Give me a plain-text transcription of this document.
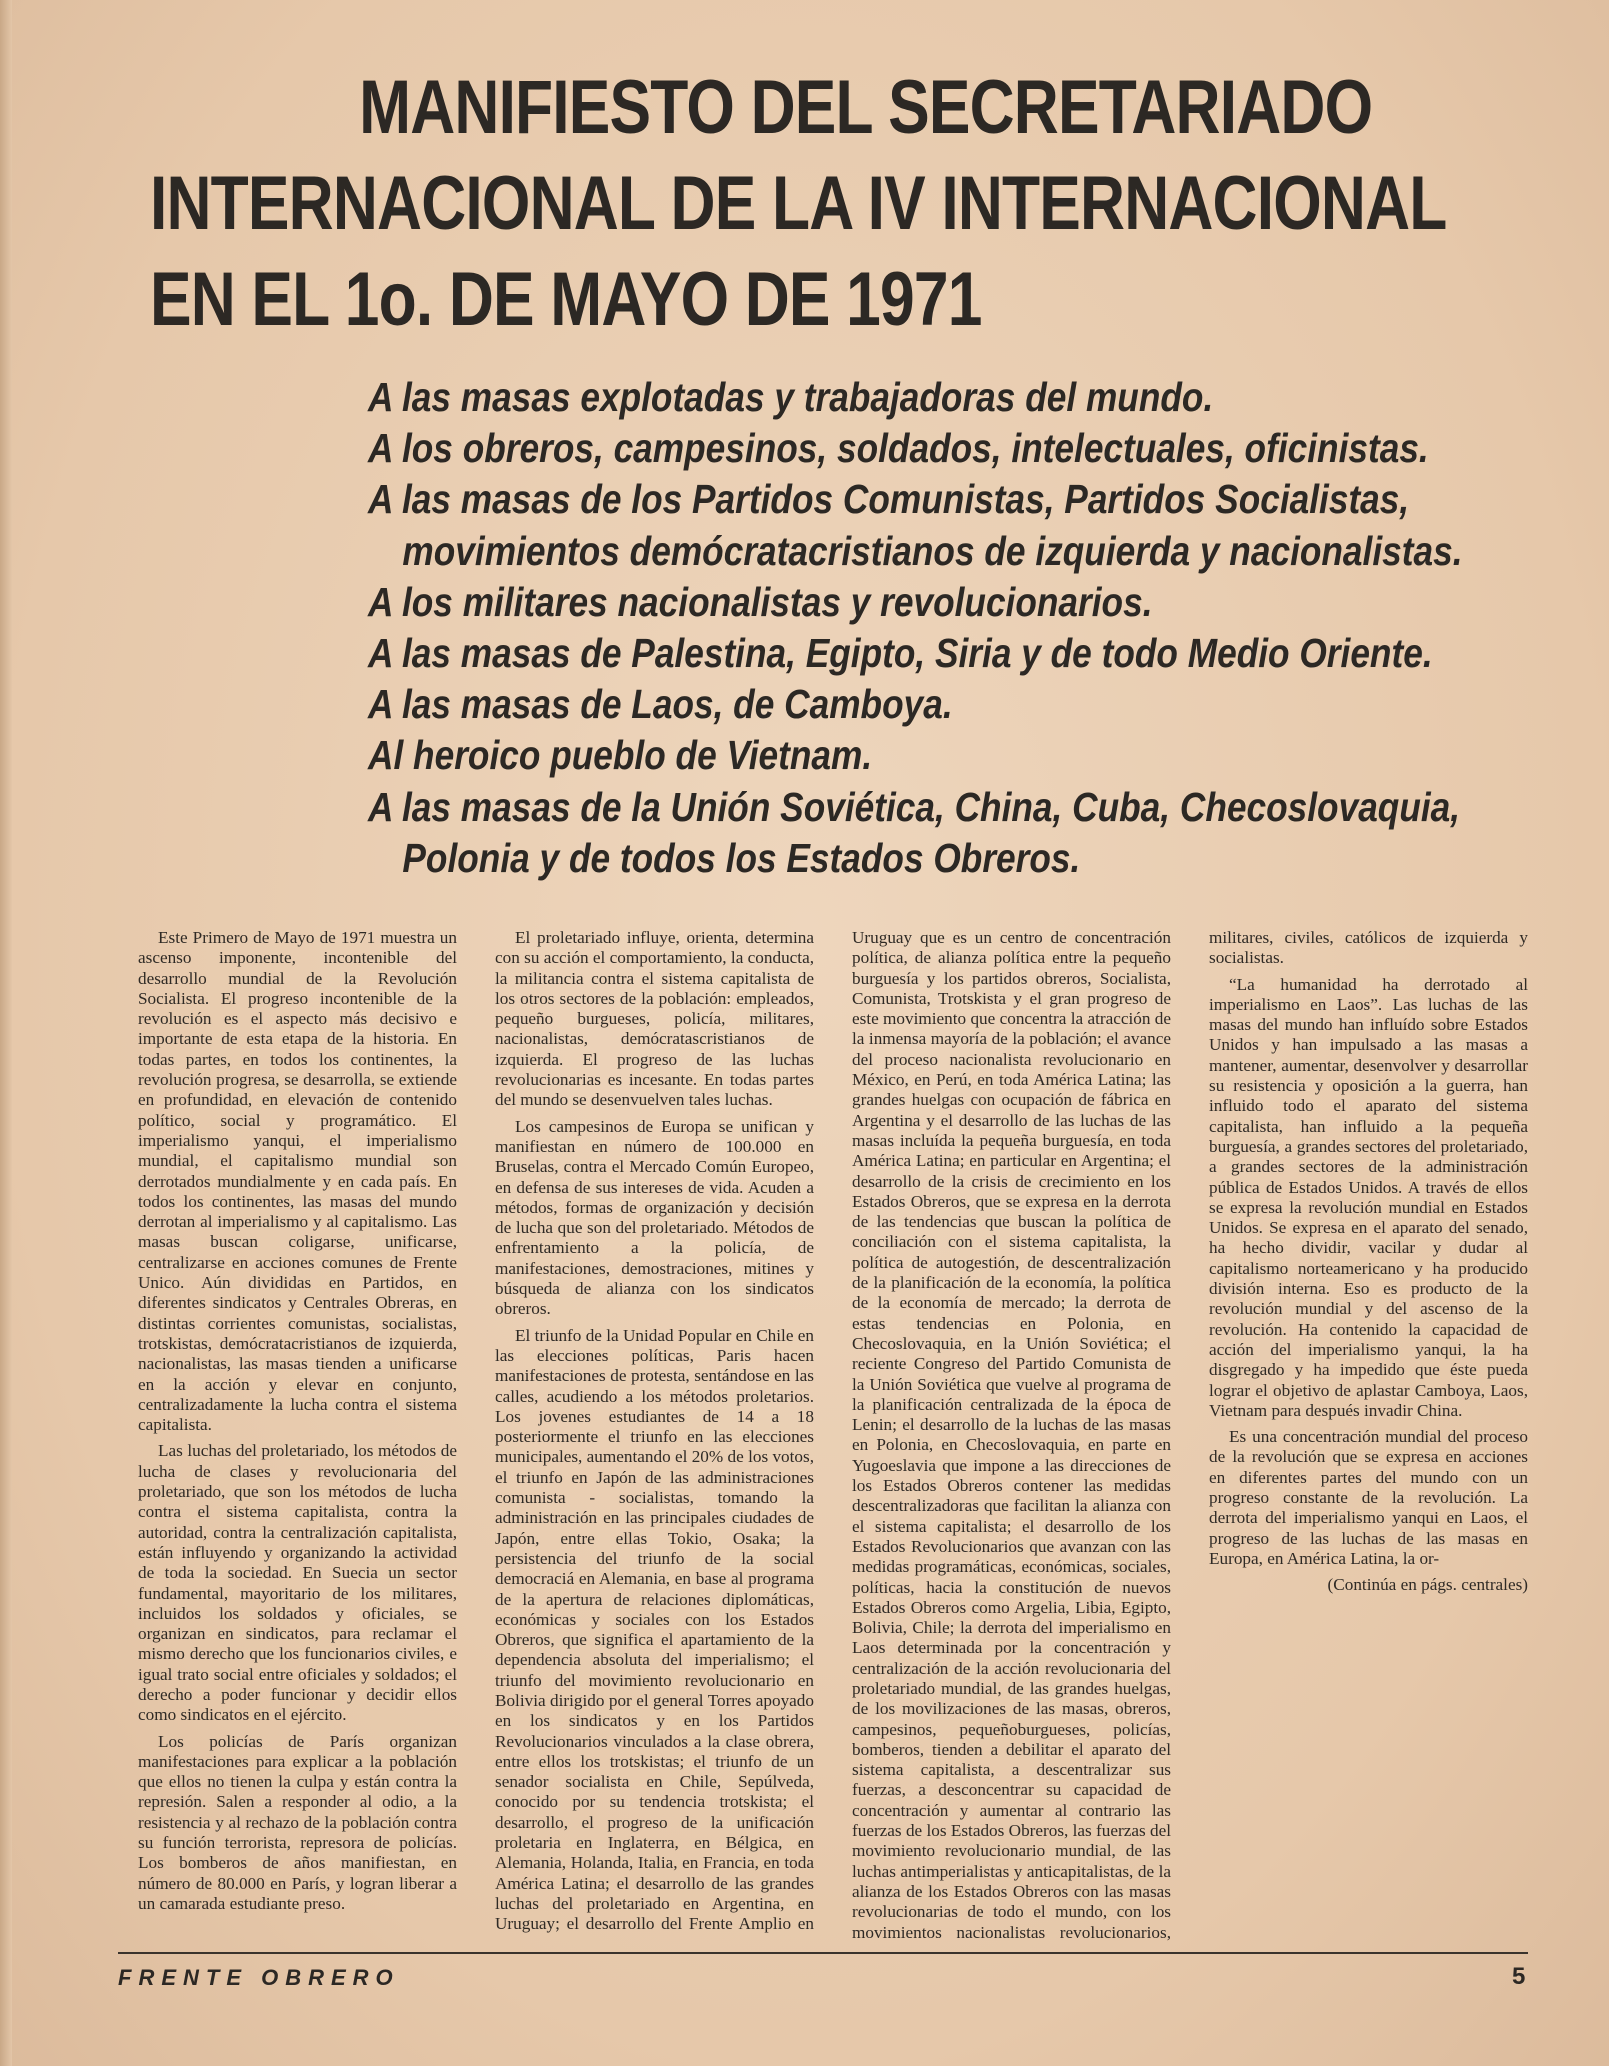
MANIFIESTO DEL SECRETARIADO
INTERNACIONAL DE LA IV INTERNACIONAL
EN EL 1o. DE MAYO DE 1971
A las masas explotadas y trabajadoras del mundo.
A los obreros, campesinos, soldados, intelectuales, oficinistas.
A las masas de los Partidos Comunistas, Partidos Socialistas,
movimientos demócratacristianos de izquierda y nacionalistas.
A los militares nacionalistas y revolucionarios.
A las masas de Palestina, Egipto, Siria y de todo Medio Oriente.
A las masas de Laos, de Camboya.
Al heroico pueblo de Vietnam.
A las masas de la Unión Soviética, China, Cuba, Checoslovaquia,
Polonia y de todos los Estados Obreros.

Este Primero de Mayo de 1971 muestra un ascenso imponente, incontenible del desarrollo mundial de la Revolución Socialista. El progreso incontenible de la revolución es el aspecto más decisivo e importante de esta etapa de la historia. En todas partes, en todos los continentes, la revolución progresa, se desarrolla, se extiende en profundidad, en elevación de contenido político, social y programático. El imperialismo yanqui, el imperialismo mundial, el capitalismo mundial son derrotados mundialmente y en cada país. En todos los continentes, las masas del mundo derrotan al imperialismo y al capitalismo. Las masas buscan coligarse, unificarse, centralizarse en acciones comunes de Frente Unico. Aún divididas en Partidos, en diferentes sindicatos y Centrales Obreras, en distintas corrientes comunistas, socialistas, trotskistas, demócratacristianos de izquierda, nacionalistas, las masas tienden a unificarse en la acción y elevar en conjunto, centralizadamente la lucha contra el sistema capitalista.

Las luchas del proletariado, los métodos de lucha de clases y revolucionaria del proletariado, que son los métodos de lucha contra el sistema capitalista, contra la autoridad, contra la centralización capitalista, están influyendo y organizando la actividad de toda la sociedad. En Suecia un sector fundamental, mayoritario de los militares, incluidos los soldados y oficiales, se organizan en sindicatos, para reclamar el mismo derecho que los funcionarios civiles, e igual trato social entre oficiales y soldados; el derecho a poder funcionar y decidir ellos como sindicatos en el ejército.

Los policías de París organizan manifestaciones para explicar a la población que ellos no tienen la culpa y están contra la represión. Salen a responder al odio, a la resistencia y al rechazo de la población contra su función terrorista, represora de policías. Los bomberos de años manifiestan, en número de 80.000 en París, y logran liberar a un camarada estudiante preso.

El proletariado influye, orienta, determina con su acción el comportamiento, la conducta, la militancia contra el sistema capitalista de los otros sectores de la población: empleados, pequeño burgueses, policía, militares, nacionalistas, demócratascristianos de izquierda. El progreso de las luchas revolucionarias es incesante. En todas partes del mundo se desenvuelven tales luchas.

Los campesinos de Europa se unifican y manifiestan en número de 100.000 en Bruselas, contra el Mercado Común Europeo, en defensa de sus intereses de vida. Acuden a métodos, formas de organización y decisión de lucha que son del proletariado. Métodos de enfrentamiento a la policía, de manifestaciones, demostraciones, mitines y búsqueda de alianza con los sindicatos obreros.

El triunfo de la Unidad Popular en Chile en las elecciones políticas, Paris hacen manifestaciones de protesta, sentándose en las calles, acudiendo a los métodos proletarios. Los jovenes estudiantes de 14 a 18 posteriormente el triunfo en las elecciones municipales, aumentando el 20% de los votos, el triunfo en Japón de las administraciones comunista - socialistas, tomando la administración en las principales ciudades de Japón, entre ellas Tokio, Osaka; la persistencia del triunfo de la social democraciá en Alemania, en base al programa de la apertura de relaciones diplomáticas, económicas y sociales con los Estados Obreros, que significa el apartamiento de la dependencia absoluta del imperialismo; el triunfo del movimiento revolucionario en Bolivia dirigido por el general Torres apoyado en los sindicatos y en los Partidos Revolucionarios vinculados a la clase obrera, entre ellos los trotskistas; el triunfo de un senador socialista en Chile, Sepúlveda, conocido por su tendencia trotskista; el desarrollo, el progreso de la unificación proletaria en Inglaterra, en Bélgica, en Alemania, Holanda, Italia, en Francia, en toda América Latina; el desarrollo de las grandes luchas del proletariado en Argentina, en Uruguay; el desarrollo del Frente Amplio en Uruguay que es un centro de concentración política, de alianza política entre la pequeño burguesía y los partidos obreros, Socialista, Comunista, Trotskista y el gran progreso de este movimiento que concentra la atracción de la inmensa mayoría de la población; el avance del proceso nacionalista revolucionario en México, en Perú, en toda América Latina; las grandes huelgas con ocupación de fábrica en Argentina y el desarrollo de las luchas de las masas incluída la pequeña burguesía, en toda América Latina; en particular en Argentina; el desarrollo de la crisis de crecimiento en los Estados Obreros, que se expresa en la derrota de las tendencias que buscan la política de conciliación con el sistema capitalista, la política de autogestión, de descentralización de la planificación de la economía, la política de la economía de mercado; la derrota de estas tendencias en Polonia, en Checoslovaquia, en la Unión Soviética; el reciente Congreso del Partido Comunista de la Unión Soviética que vuelve al programa de la planificación centralizada de la época de Lenin; el desarrollo de la luchas de las masas en Polonia, en Checoslovaquia, en parte en Yugoeslavia que impone a las direcciones de los Estados Obreros contener las medidas descentralizadoras que facilitan la alianza con el sistema capitalista; el desarrollo de los Estados Revolucionarios que avanzan con las medidas programáticas, económicas, sociales, políticas, hacia la constitución de nuevos Estados Obreros como Argelia, Libia, Egipto, Bolivia, Chile; la derrota del imperialismo en Laos determinada por la concentración y centralización de la acción revolucionaria del proletariado mundial, de las grandes huelgas, de los movilizaciones de las masas, obreros, campesinos, pequeñoburgueses, policías, bomberos, tienden a debilitar el aparato del sistema capitalista, a descentralizar sus fuerzas, a desconcentrar su capacidad de concentración y aumentar al contrario las fuerzas de los Estados Obreros, las fuerzas del movimiento revolucionario mundial, de las luchas antimperialistas y anticapitalistas, de la alianza de los Estados Obreros con las masas revolucionarias de todo el mundo, con los movimientos nacionalistas revolucionarios, militares, civiles, católicos de izquierda y socialistas.

“La humanidad ha derrotado al imperialismo en Laos”. Las luchas de las masas del mundo han influído sobre Estados Unidos y han impulsado a las masas a mantener, aumentar, desenvolver y desarrollar su resistencia y oposición a la guerra, han influido todo el aparato del sistema capitalista, han influido a la pequeña burguesía, a grandes sectores del proletariado, a grandes sectores de la administración pública de Estados Unidos. A través de ellos se expresa la revolución mundial en Estados Unidos. Se expresa en el aparato del senado, ha hecho dividir, vacilar y dudar al capitalismo norteamericano y ha producido división interna. Eso es producto de la revolución mundial y del ascenso de la revolución. Ha contenido la capacidad de acción del imperialismo yanqui, la ha disgregado y ha impedido que éste pueda lograr el objetivo de aplastar Camboya, Laos, Vietnam para después invadir China.

Es una concentración mundial del proceso de la revolución que se expresa en acciones en diferentes partes del mundo con un progreso constante de la revolución. La derrota del imperialismo yanqui en Laos, el progreso de las luchas de las masas en Europa, en América Latina, la or-

(Continúa en págs. centrales)

FRENTE OBRERO	5
